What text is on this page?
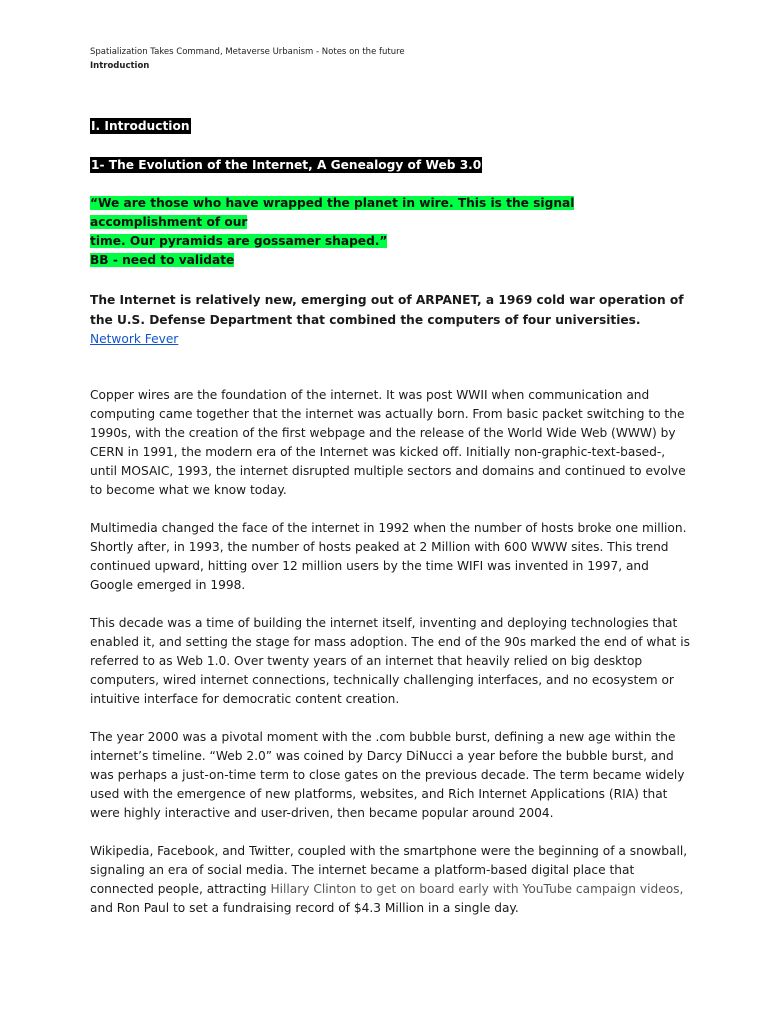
Spatialization Takes Command, Metaverse Urbanism - Notes on the future
Introduction
I. Introduction
1- The Evolution of the Internet, A Genealogy of Web 3.0
“We are those who have wrapped the planet in wire. This is the signal accomplishment of our
time. Our pyramids are gossamer shaped.”
BB - need to validate
The Internet is relatively new, emerging out of ARPANET, a 1969 cold war operation of the U.S. Defense Department that combined the computers of four universities. Network Fever
Copper wires are the foundation of the internet. It was post WWII when communication and computing came together that the internet was actually born. From basic packet switching to the 1990s, with the creation of the first webpage and the release of the World Wide Web (WWW) by CERN in 1991, the modern era of the Internet was kicked off. Initially non-graphic-text-based-, until MOSAIC, 1993, the internet disrupted multiple sectors and domains and continued to evolve to become what we know today.
Multimedia changed the face of the internet in 1992 when the number of hosts broke one million. Shortly after, in 1993, the number of hosts peaked at 2 Million with 600 WWW sites. This trend continued upward, hitting over 12 million users by the time WIFI was invented in 1997, and Google emerged in 1998.
This decade was a time of building the internet itself, inventing and deploying technologies that enabled it, and setting the stage for mass adoption. The end of the 90s marked the end of what is referred to as Web 1.0. Over twenty years of an internet that heavily relied on big desktop computers, wired internet connections, technically challenging interfaces, and no ecosystem or intuitive interface for democratic content creation.
The year 2000 was a pivotal moment with the .com bubble burst, defining a new age within the internet’s timeline. “Web 2.0” was coined by Darcy DiNucci a year before the bubble burst, and was perhaps a just-on-time term to close gates on the previous decade. The term became widely used with the emergence of new platforms, websites, and Rich Internet Applications (RIA) that were highly interactive and user-driven, then became popular around 2004.
Wikipedia, Facebook, and Twitter, coupled with the smartphone were the beginning of a snowball, signaling an era of social media. The internet became a platform-based digital place that connected people, attracting Hillary Clinton to get on board early with YouTube campaign videos, and Ron Paul to set a fundraising record of $4.3 Million in a single day.
